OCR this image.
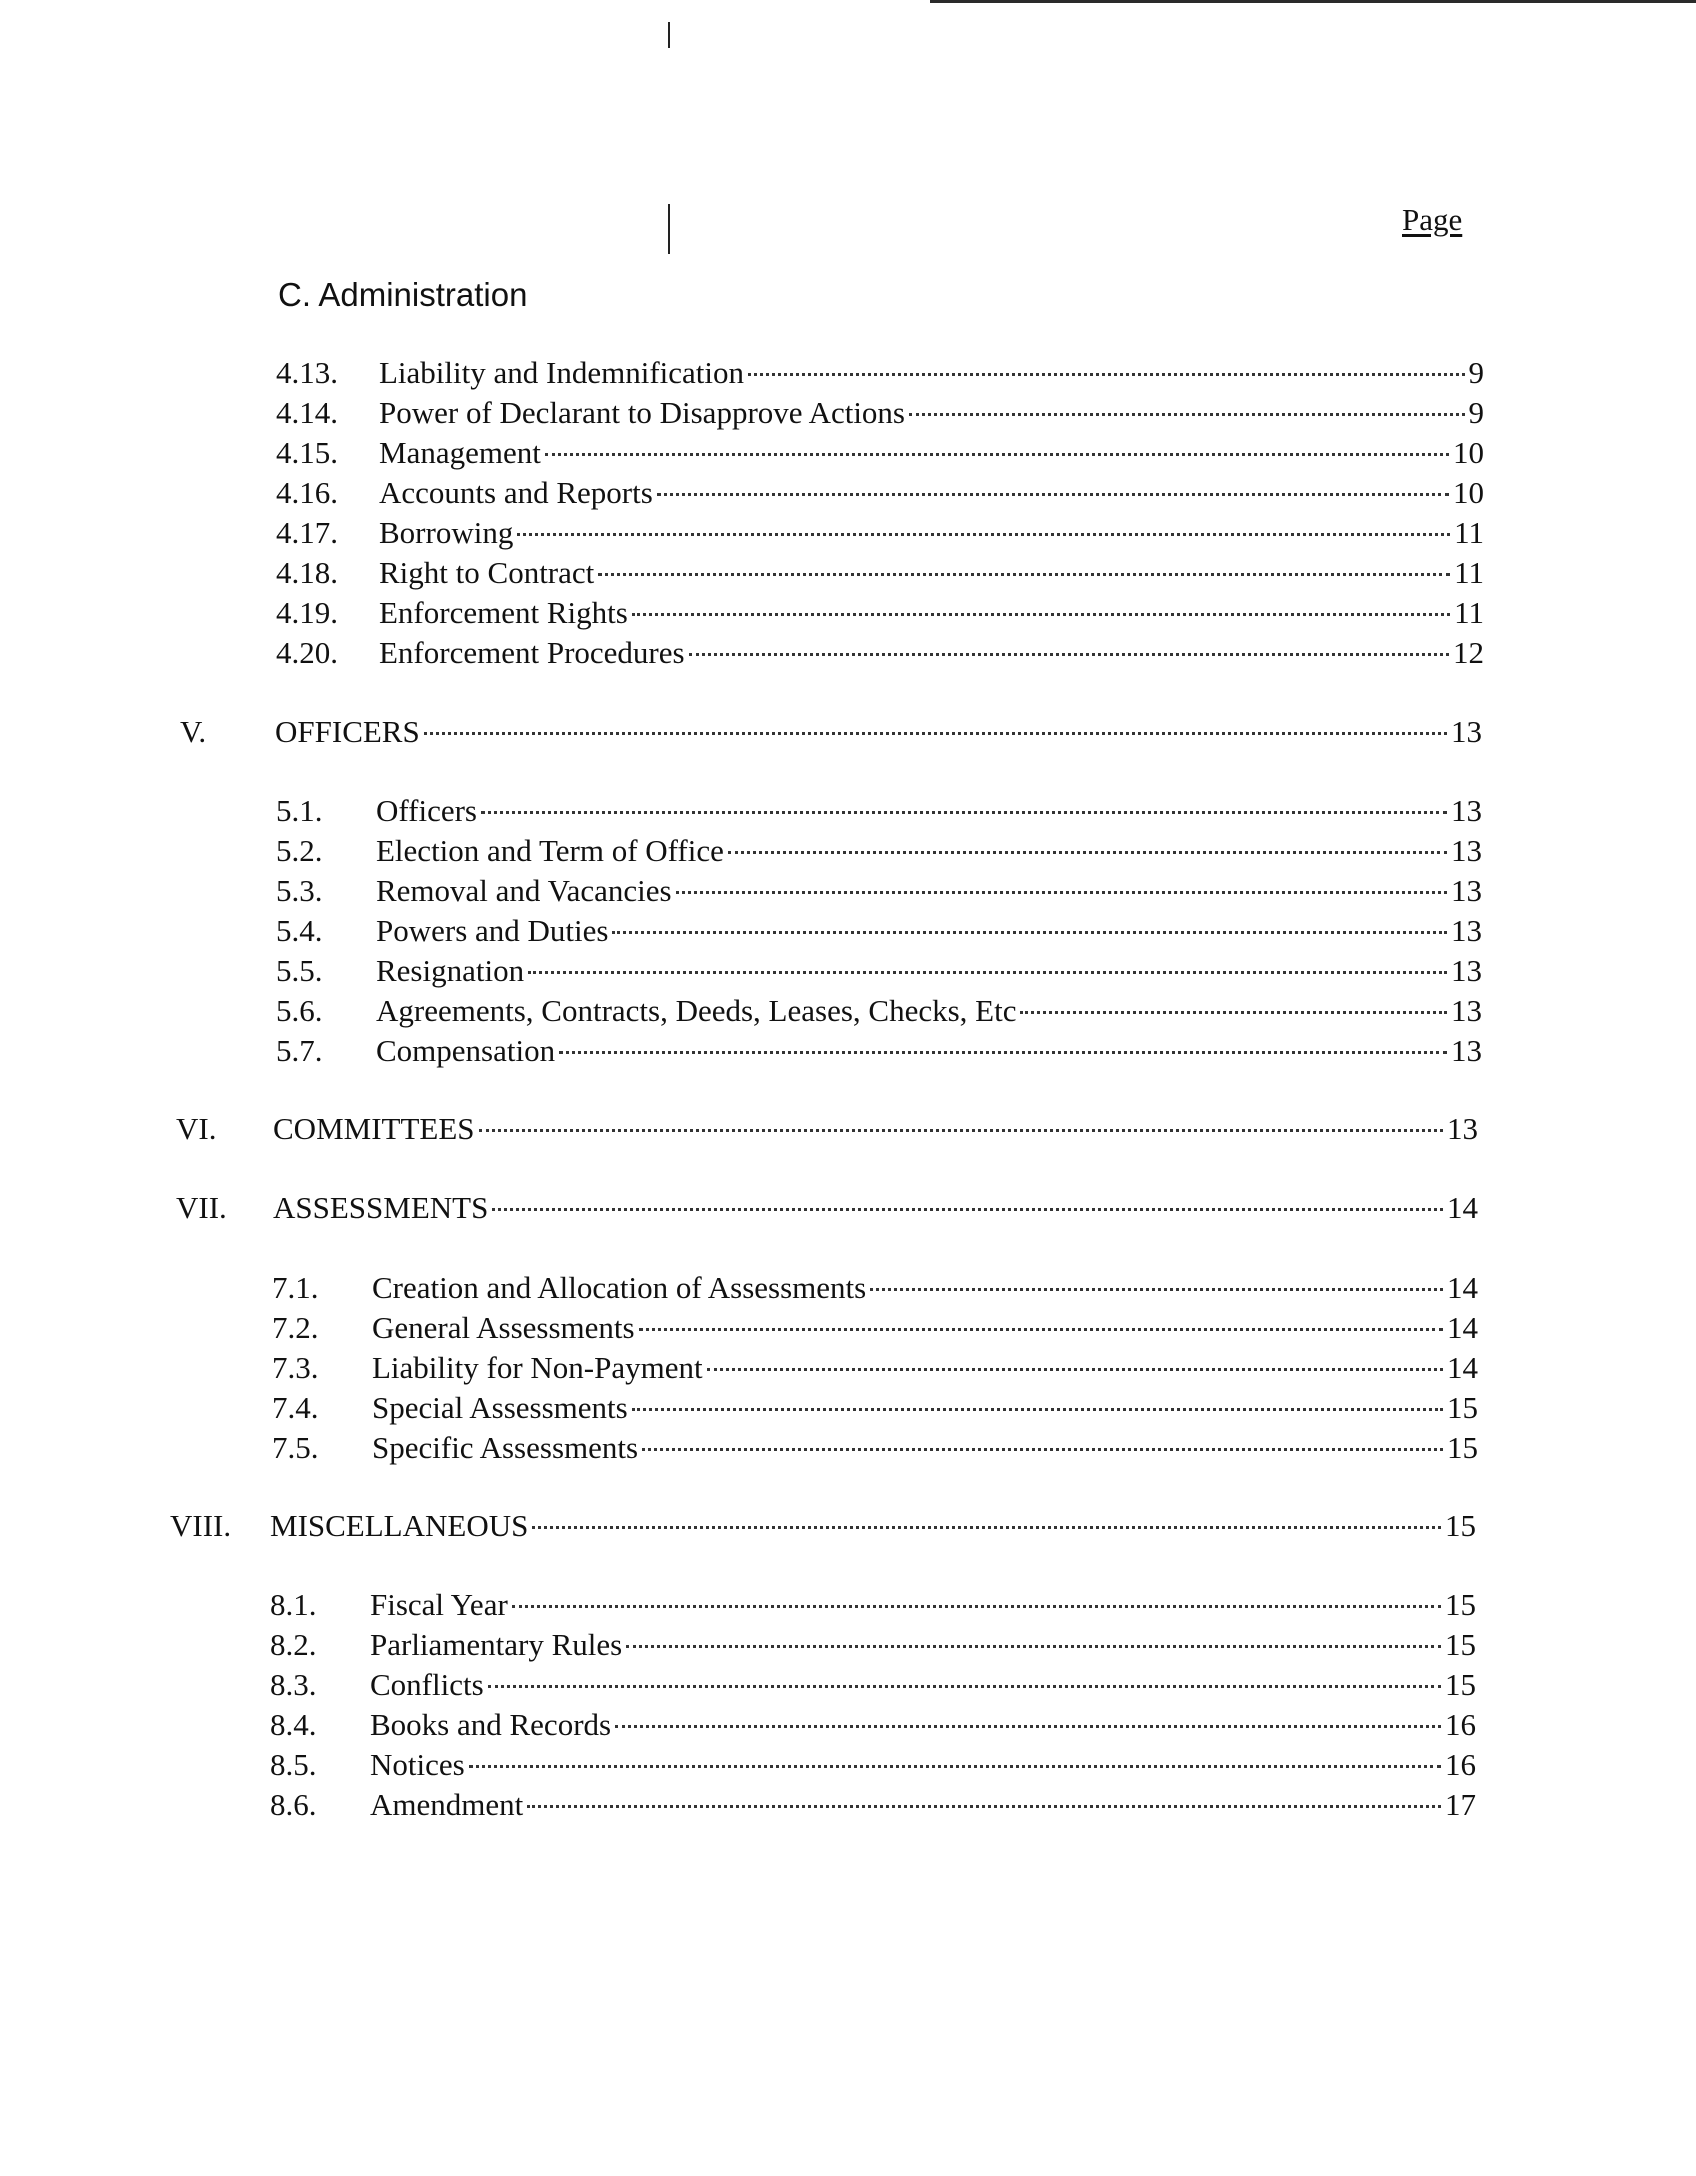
Page
C. Administration
4.13.	Liability and Indemnification	9
4.14.	Power of Declarant to Disapprove Actions	9
4.15.	Management	10
4.16.	Accounts and Reports	10
4.17.	Borrowing	11
4.18.	Right to Contract	11
4.19.	Enforcement Rights	11
4.20.	Enforcement Procedures	12
V.	OFFICERS	13
5.1.	Officers	13
5.2.	Election and Term of Office	13
5.3.	Removal and Vacancies	13
5.4.	Powers and Duties	13
5.5.	Resignation	13
5.6.	Agreements, Contracts, Deeds, Leases, Checks, Etc	13
5.7.	Compensation	13
VI.	COMMITTEES	13
VII.	ASSESSMENTS	14
7.1.	Creation and Allocation of Assessments	14
7.2.	General Assessments	14
7.3.	Liability for Non-Payment	14
7.4.	Special Assessments	15
7.5.	Specific Assessments	15
VIII.	MISCELLANEOUS	15
8.1.	Fiscal Year	15
8.2.	Parliamentary Rules	15
8.3.	Conflicts	15
8.4.	Books and Records	16
8.5.	Notices	16
8.6.	Amendment	17
